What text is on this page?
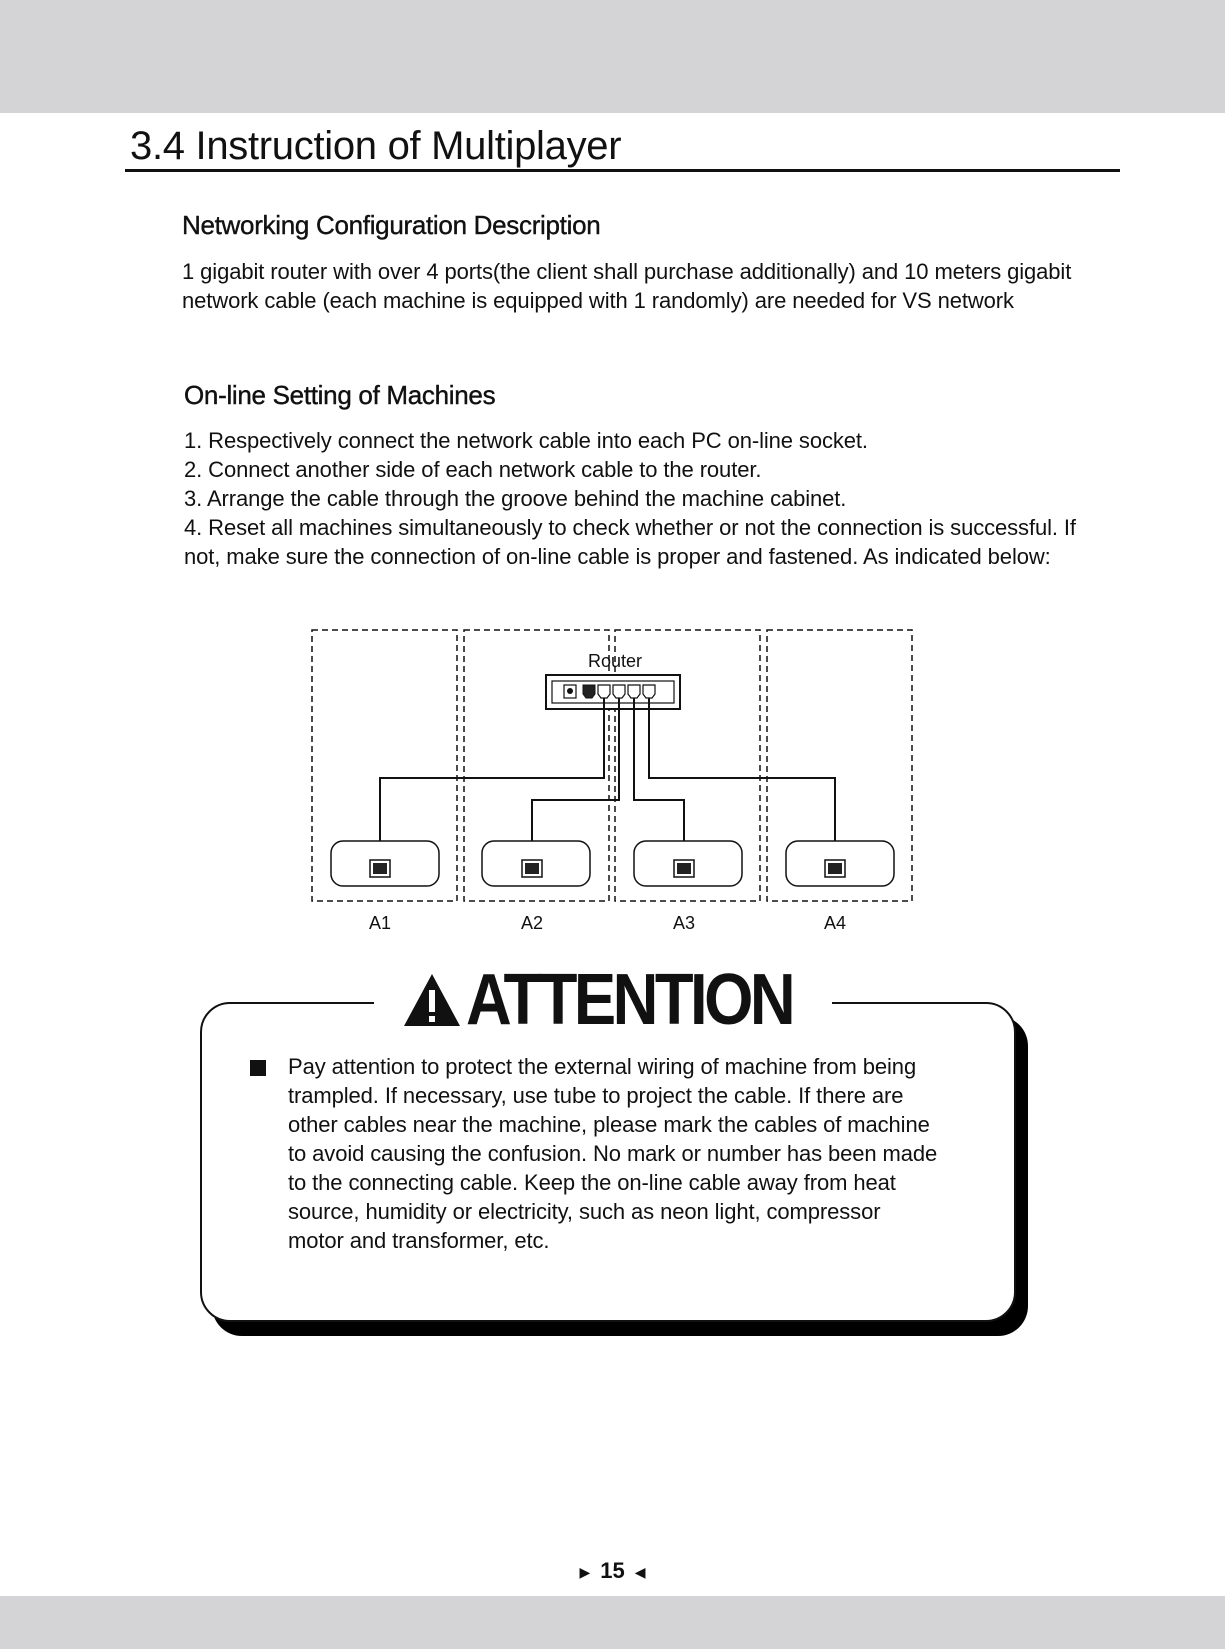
3.4 Instruction of Multiplayer
Networking Configuration Description

1 gigabit router with over 4 ports(the client shall purchase additionally) and 10 meters gigabit network cable (each machine is equipped with 1 randomly) are needed for VS network

On-line Setting of Machines
1. Respectively connect the network cable into each PC on-line socket.
2. Connect another side of each network cable to the router.
3. Arrange the cable through the groove behind the machine cabinet.
4. Reset all machines simultaneously to check whether or not the connection is successful. If not, make sure the connection of on-line cable is proper and fastened. As indicated below:
Router
A1	A2	A3	A4
ATTENTION

Pay attention to protect the external wiring of machine from being trampled. If necessary, use tube to project the cable. If there are other cables near the machine, please mark the cables of machine to avoid causing the confusion. No mark or number has been made to the connecting cable. Keep the on-line cable away from heat source, humidity or electricity, such as neon light, compressor motor and transformer, etc.

▶ 15 ◀
